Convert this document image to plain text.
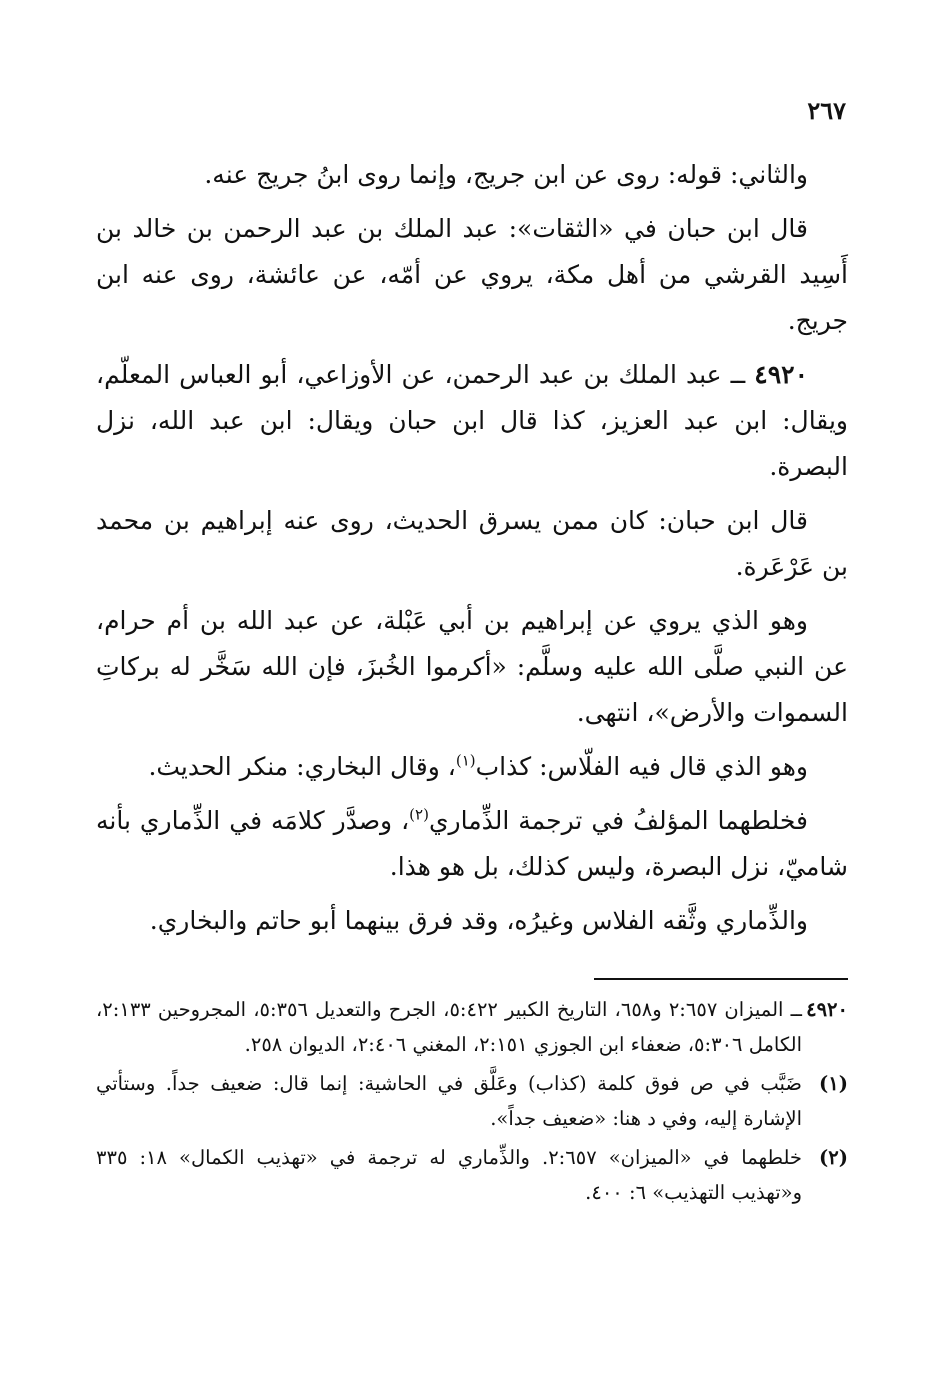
٢٦٧

والثاني: قوله: روى عن ابن جريج، وإنما روى ابنُ جريج عنه.

قال ابن حبان في «الثقات»: عبد الملك بن عبد الرحمن بن خالد بن أَسِيد القرشي من أهل مكة، يروي عن أمّه، عن عائشة، روى عنه ابن جريج.

٤٩٢٠ ــ عبد الملك بن عبد الرحمن، عن الأوزاعي، أبو العباس المعلّم، ويقال: ابن عبد العزيز، كذا قال ابن حبان ويقال: ابن عبد الله، نزل البصرة.

قال ابن حبان: كان ممن يسرق الحديث، روى عنه إبراهيم بن محمد بن عَرْعَرة.

وهو الذي يروي عن إبراهيم بن أبي عَبْلة، عن عبد الله بن أم حرام، عن النبي صلَّى الله عليه وسلَّم: «أكرموا الخُبزَ، فإن الله سَخَّر له بركاتِ السموات والأرض»، انتهى.

وهو الذي قال فيه الفلّاس: كذاب$^{(١)}$، وقال البخاري: منكر الحديث.

فخلطهما المؤلفُ في ترجمة الذِّماري$^{(٢)}$، وصدَّر كلامَه في الذِّماري بأنه شاميّ، نزل البصرة، وليس كذلك، بل هو هذا.

والذِّماري وثَّقه الفلاس وغيرُه، وقد فرق بينهما أبو حاتم والبخاري.

٤٩٢٠ــ الميزان ٢:٦٥٧ و٦٥٨، التاريخ الكبير ٥:٤٢٢، الجرح والتعديل ٥:٣٥٦، المجروحين ٢:١٣٣، الكامل ٥:٣٠٦، ضعفاء ابن الجوزي ٢:١٥١، المغني ٢:٤٠٦، الديوان ٢٥٨.

(١)ضَبَّب في ص فوق كلمة (كذاب) وعَلَّق في الحاشية: إنما قال: ضعيف جداً. وستأتي الإشارة إليه، وفي د هنا: «ضعيف جداً».

(٢)خلطهما في «الميزان» ٢:٦٥٧. والذِّماري له ترجمة في «تهذيب الكمال» ١٨: ٣٣٥ و«تهذيب التهذيب» ٦: ٤٠٠.
